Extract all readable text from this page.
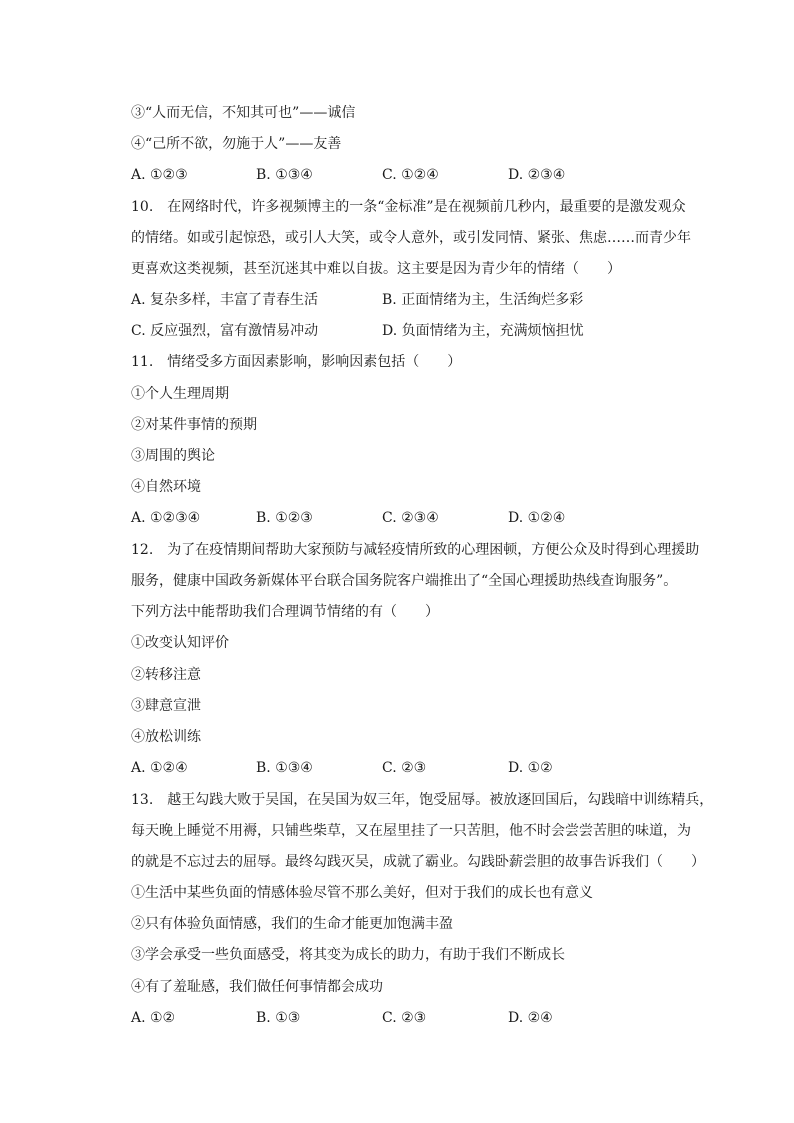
③“人而无信，不知其可也”——诚信
④“己所不欲，勿施于人”——友善
A. ①②③	B. ①③④	C. ①②④	D. ②③④
10.　在网络时代，许多视频博主的一条“金标准”是在视频前几秒内，最重要的是激发观众
的情绪。如或引起惊恐，或引人大笑，或令人意外，或引发同情、紧张、焦虑……而青少年
更喜欢这类视频，甚至沉迷其中难以自拔。这主要是因为青少年的情绪（　　）
A. 复杂多样，丰富了青春生活	B. 正面情绪为主，生活绚烂多彩
C. 反应强烈，富有激情易冲动	D. 负面情绪为主，充满烦恼担忧
11.　情绪受多方面因素影响，影响因素包括（　　）
①个人生理周期
②对某件事情的预期
③周围的舆论
④自然环境
A. ①②③④	B. ①②③	C. ②③④	D. ①②④
12.　为了在疫情期间帮助大家预防与减轻疫情所致的心理困顿，方便公众及时得到心理援助
服务，健康中国政务新媒体平台联合国务院客户端推出了“全国心理援助热线查询服务”。
下列方法中能帮助我们合理调节情绪的有（　　）
①改变认知评价
②转移注意
③肆意宣泄
④放松训练
A. ①②④	B. ①③④	C. ②③	D. ①②
13.　越王勾践大败于吴国，在吴国为奴三年，饱受屈辱。被放逐回国后，勾践暗中训练精兵，
每天晚上睡觉不用褥，只铺些柴草，又在屋里挂了一只苦胆，他不时会尝尝苦胆的味道，为
的就是不忘过去的屈辱。最终勾践灭吴，成就了霸业。勾践卧薪尝胆的故事告诉我们（　　）
①生活中某些负面的情感体验尽管不那么美好，但对于我们的成长也有意义
②只有体验负面情感，我们的生命才能更加饱满丰盈
③学会承受一些负面感受，将其变为成长的助力，有助于我们不断成长
④有了羞耻感，我们做任何事情都会成功
A. ①②	B. ①③	C. ②③	D. ②④
